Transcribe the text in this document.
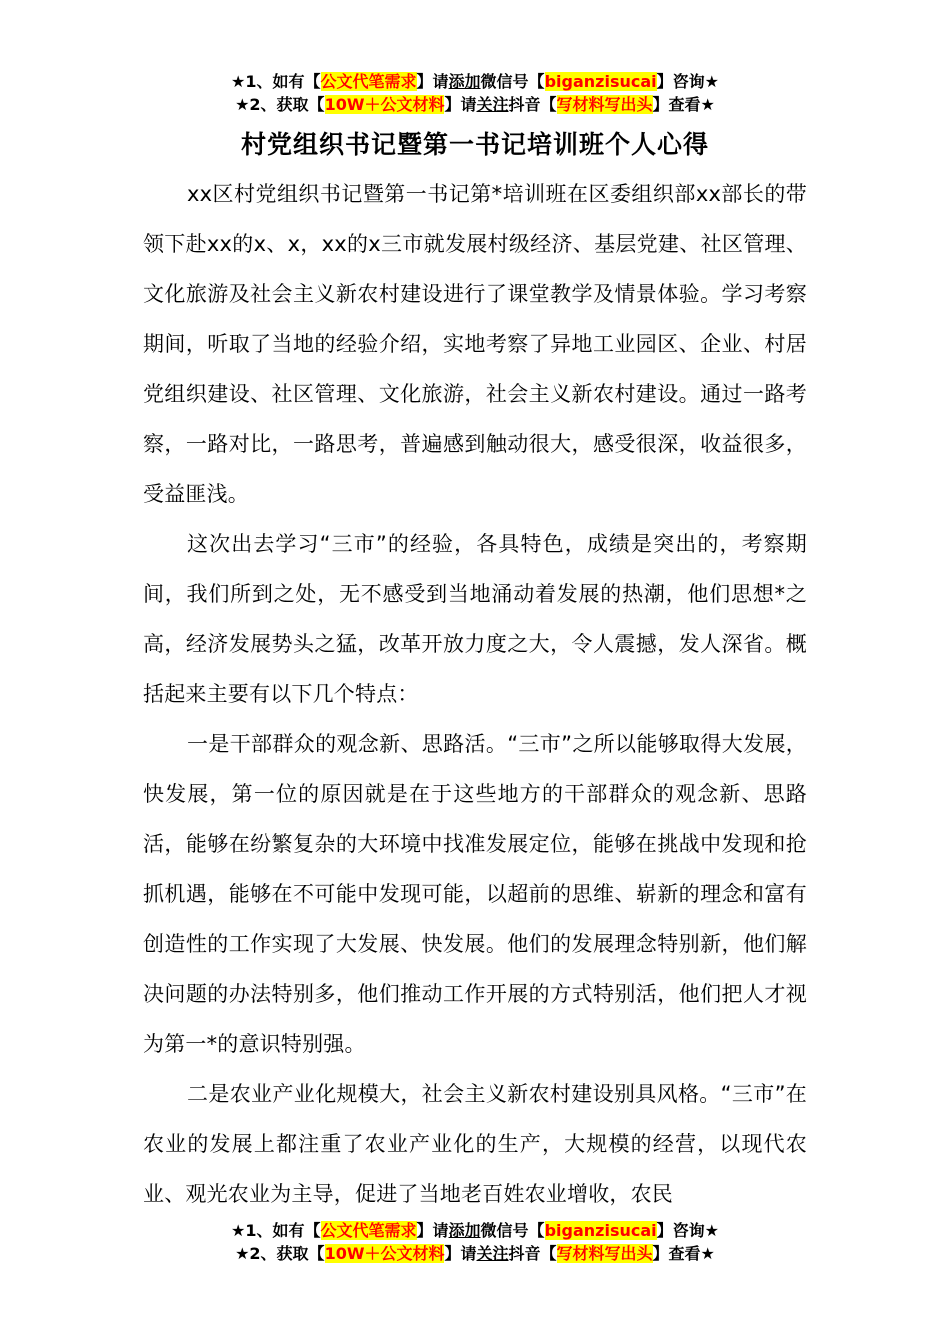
★1、如有【公文代笔需求】请添加微信号【biganzisucai】咨询★
★2、获取【10W＋公文材料】请关注抖音【写材料写出头】查看★
村党组织书记暨第一书记培训班个人心得

xx区村党组织书记暨第一书记第*培训班在区委组织部xx部长的带领下赴xx的x、x，xx的x三市就发展村级经济、基层党建、社区管理、文化旅游及社会主义新农村建设进行了课堂教学及情景体验。学习考察期间，听取了当地的经验介绍，实地考察了异地工业园区、企业、村居党组织建设、社区管理、文化旅游，社会主义新农村建设。通过一路考察，一路对比，一路思考，普遍感到触动很大，感受很深，收益很多，受益匪浅。

这次出去学习“三市”的经验，各具特色，成绩是突出的，考察期间，我们所到之处，无不感受到当地涌动着发展的热潮，他们思想*之高，经济发展势头之猛，改革开放力度之大，令人震撼，发人深省。概括起来主要有以下几个特点：

一是干部群众的观念新、思路活。“三市”之所以能够取得大发展，快发展，第一位的原因就是在于这些地方的干部群众的观念新、思路活，能够在纷繁复杂的大环境中找准发展定位，能够在挑战中发现和抢抓机遇，能够在不可能中发现可能，以超前的思维、崭新的理念和富有创造性的工作实现了大发展、快发展。他们的发展理念特别新，他们解决问题的办法特别多，他们推动工作开展的方式特别活，他们把人才视为第一*的意识特别强。

二是农业产业化规模大，社会主义新农村建设别具风格。“三市”在农业的发展上都注重了农业产业化的生产，大规模的经营，以现代农业、观光农业为主导，促进了当地老百姓农业增收，农民

★1、如有【公文代笔需求】请添加微信号【biganzisucai】咨询★
★2、获取【10W＋公文材料】请关注抖音【写材料写出头】查看★
